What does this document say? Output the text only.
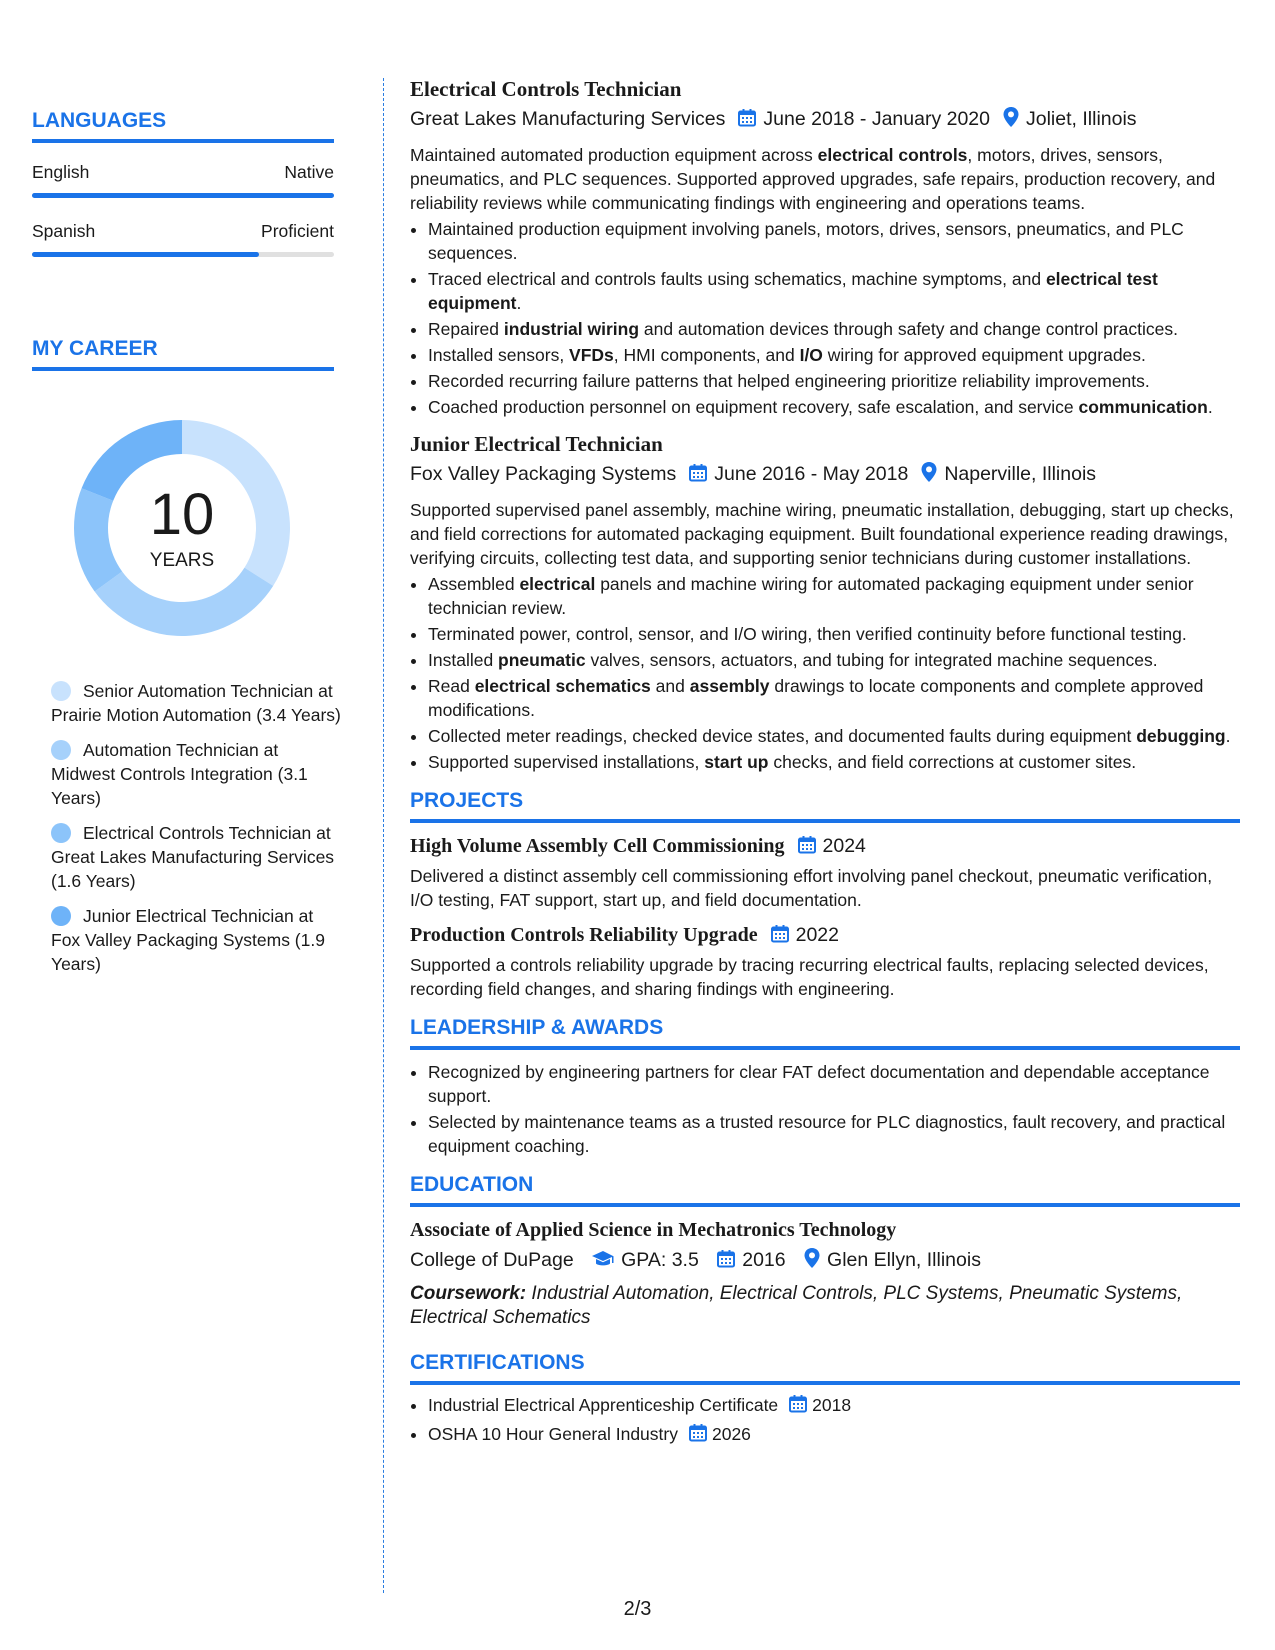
LANGUAGES
English	Native
Spanish	Proficient
MY CAREER
10
YEARS
Senior Automation Technician at Prairie Motion Automation (3.4 Years)
Automation Technician at Midwest Controls Integration (3.1 Years)
Electrical Controls Technician at Great Lakes Manufacturing Services (1.6 Years)
Junior Electrical Technician at Fox Valley Packaging Systems (1.9 Years)
Electrical Controls Technician
Great Lakes Manufacturing Services June 2018 - January 2020 Joliet, Illinois
Maintained automated production equipment across electrical controls, motors, drives, sensors, pneumatics, and PLC sequences. Supported approved upgrades, safe repairs, production recovery, and reliability reviews while communicating findings with engineering and operations teams.
• Maintained production equipment involving panels, motors, drives, sensors, pneumatics, and PLC sequences.
• Traced electrical and controls faults using schematics, machine symptoms, and electrical test equipment.
• Repaired industrial wiring and automation devices through safety and change control practices.
• Installed sensors, VFDs, HMI components, and I/O wiring for approved equipment upgrades.
• Recorded recurring failure patterns that helped engineering prioritize reliability improvements.
• Coached production personnel on equipment recovery, safe escalation, and service communication.
Junior Electrical Technician
Fox Valley Packaging Systems June 2016 - May 2018 Naperville, Illinois
Supported supervised panel assembly, machine wiring, pneumatic installation, debugging, start up checks, and field corrections for automated packaging equipment. Built foundational experience reading drawings, verifying circuits, collecting test data, and supporting senior technicians during customer installations.
• Assembled electrical panels and machine wiring for automated packaging equipment under senior technician review.
• Terminated power, control, sensor, and I/O wiring, then verified continuity before functional testing.
• Installed pneumatic valves, sensors, actuators, and tubing for integrated machine sequences.
• Read electrical schematics and assembly drawings to locate components and complete approved modifications.
• Collected meter readings, checked device states, and documented faults during equipment debugging.
• Supported supervised installations, start up checks, and field corrections at customer sites.
PROJECTS
High Volume Assembly Cell Commissioning 2024
Delivered a distinct assembly cell commissioning effort involving panel checkout, pneumatic verification, I/O testing, FAT support, start up, and field documentation.
Production Controls Reliability Upgrade 2022
Supported a controls reliability upgrade by tracing recurring electrical faults, replacing selected devices, recording field changes, and sharing findings with engineering.
LEADERSHIP & AWARDS
• Recognized by engineering partners for clear FAT defect documentation and dependable acceptance support.
• Selected by maintenance teams as a trusted resource for PLC diagnostics, fault recovery, and practical equipment coaching.
EDUCATION
Associate of Applied Science in Mechatronics Technology
College of DuPage GPA: 3.5 2016 Glen Ellyn, Illinois
Coursework: Industrial Automation, Electrical Controls, PLC Systems, Pneumatic Systems, Electrical Schematics
CERTIFICATIONS
• Industrial Electrical Apprenticeship Certificate 2018
• OSHA 10 Hour General Industry 2026
2/3
